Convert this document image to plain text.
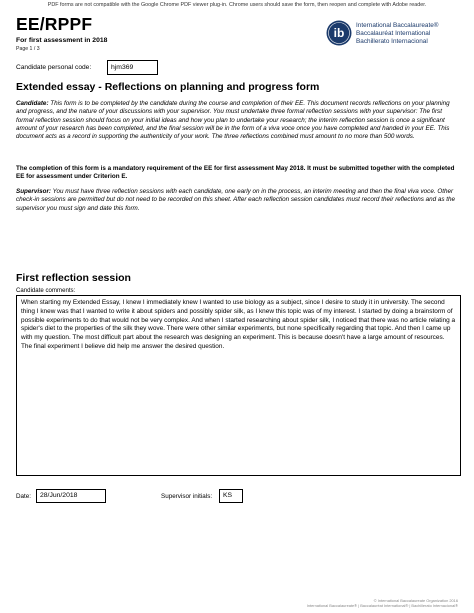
PDF forms are not compatible with the Google Chrome PDF viewer plug-in. Chrome users should save the form, then reopen and complete with Adobe reader.
EE/RPPF
For first assessment in 2018
Page 1 / 3
ib
International Baccalaureate®
Baccalauréat International
Bachillerato Internacional
Candidate personal code:	hjm369
Extended essay - Reflections on planning and progress form
Candidate: This form is to be completed by the candidate during the course and completion of their EE. This document records reflections on your planning and progress, and the nature of your discussions with your supervisor. You must undertake three formal reflection sessions with your supervisor: The first formal reflection session should focus on your initial ideas and how you plan to undertake your research; the interim reflection session is once a significant amount of your research has been completed, and the final session will be in the form of a viva voce once you have completed and handed in your EE. This document acts as a record in supporting the authenticity of your work. The three reflections combined must amount to no more than 500 words.
The completion of this form is a mandatory requirement of the EE for first assessment May 2018. It must be submitted together with the completed EE for assessment under Criterion E.
Supervisor: You must have three reflection sessions with each candidate, one early on in the process, an interim meeting and then the final viva voce. Other check-in sessions are permitted but do not need to be recorded on this sheet. After each reflection session candidates must record their reflections and as the supervisor you must sign and date this form.
First reflection session
Candidate comments:
When starting my Extended Essay, I knew I immediately knew I wanted to use biology as a subject, since I desire to study it in university. The second thing I knew was that I wanted to write it about spiders and possibly spider silk, as I knew this topic was of my interest. I started by doing a brainstorm of possible experiments to do that would not be very complex. And when I started researching about spider silk, I noticed that there was no article relating a spider's diet to the properties of the silk they wove. There were other similar experiments, but none specifically regarding that topic. And then I came up with my question. The most difficult part about the research was designing an experiment. This is because doesn't have a large amount of resources. The final experiment I believe did help me answer the desired question.
Date:	28/Jun/2018	Supervisor initials:	KS
© International Baccalaureate Organization 2016
International Baccalaureate® | Baccalauréat International® | Bachillerato Internacional®
